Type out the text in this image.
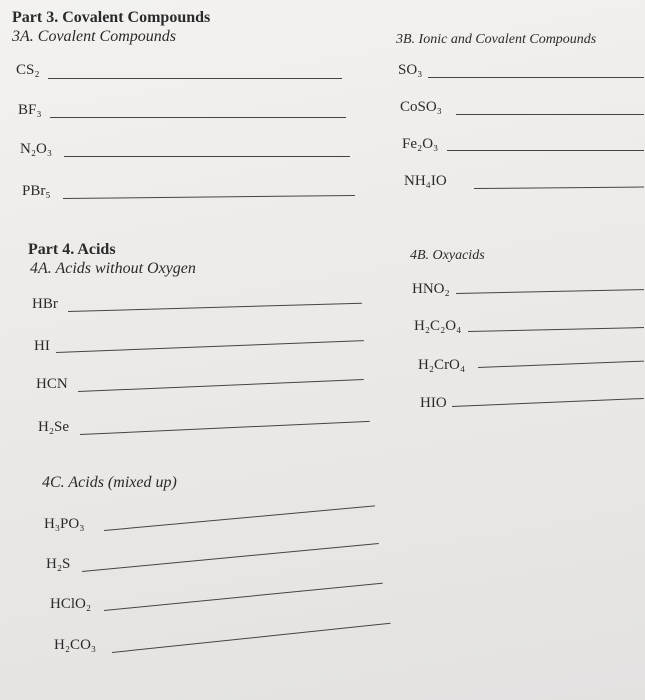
Part 3. Covalent Compounds
3A. Covalent Compounds	3B. Ionic and Covalent Compounds
CS₂
BF₃
N₂O₃
PBr₅
SO₃
CoSO₃
Fe₂O₃
NH₄IO
Part 4. Acids
4A. Acids without Oxygen
4B. Oxyacids
HBr
HI
HCN
H₂Se
HNO₂
H₂C₂O₄
H₂CrO₄
HIO
4C. Acids (mixed up)
H₃PO₃
H₂S
HClO₂
H₂CO₃
